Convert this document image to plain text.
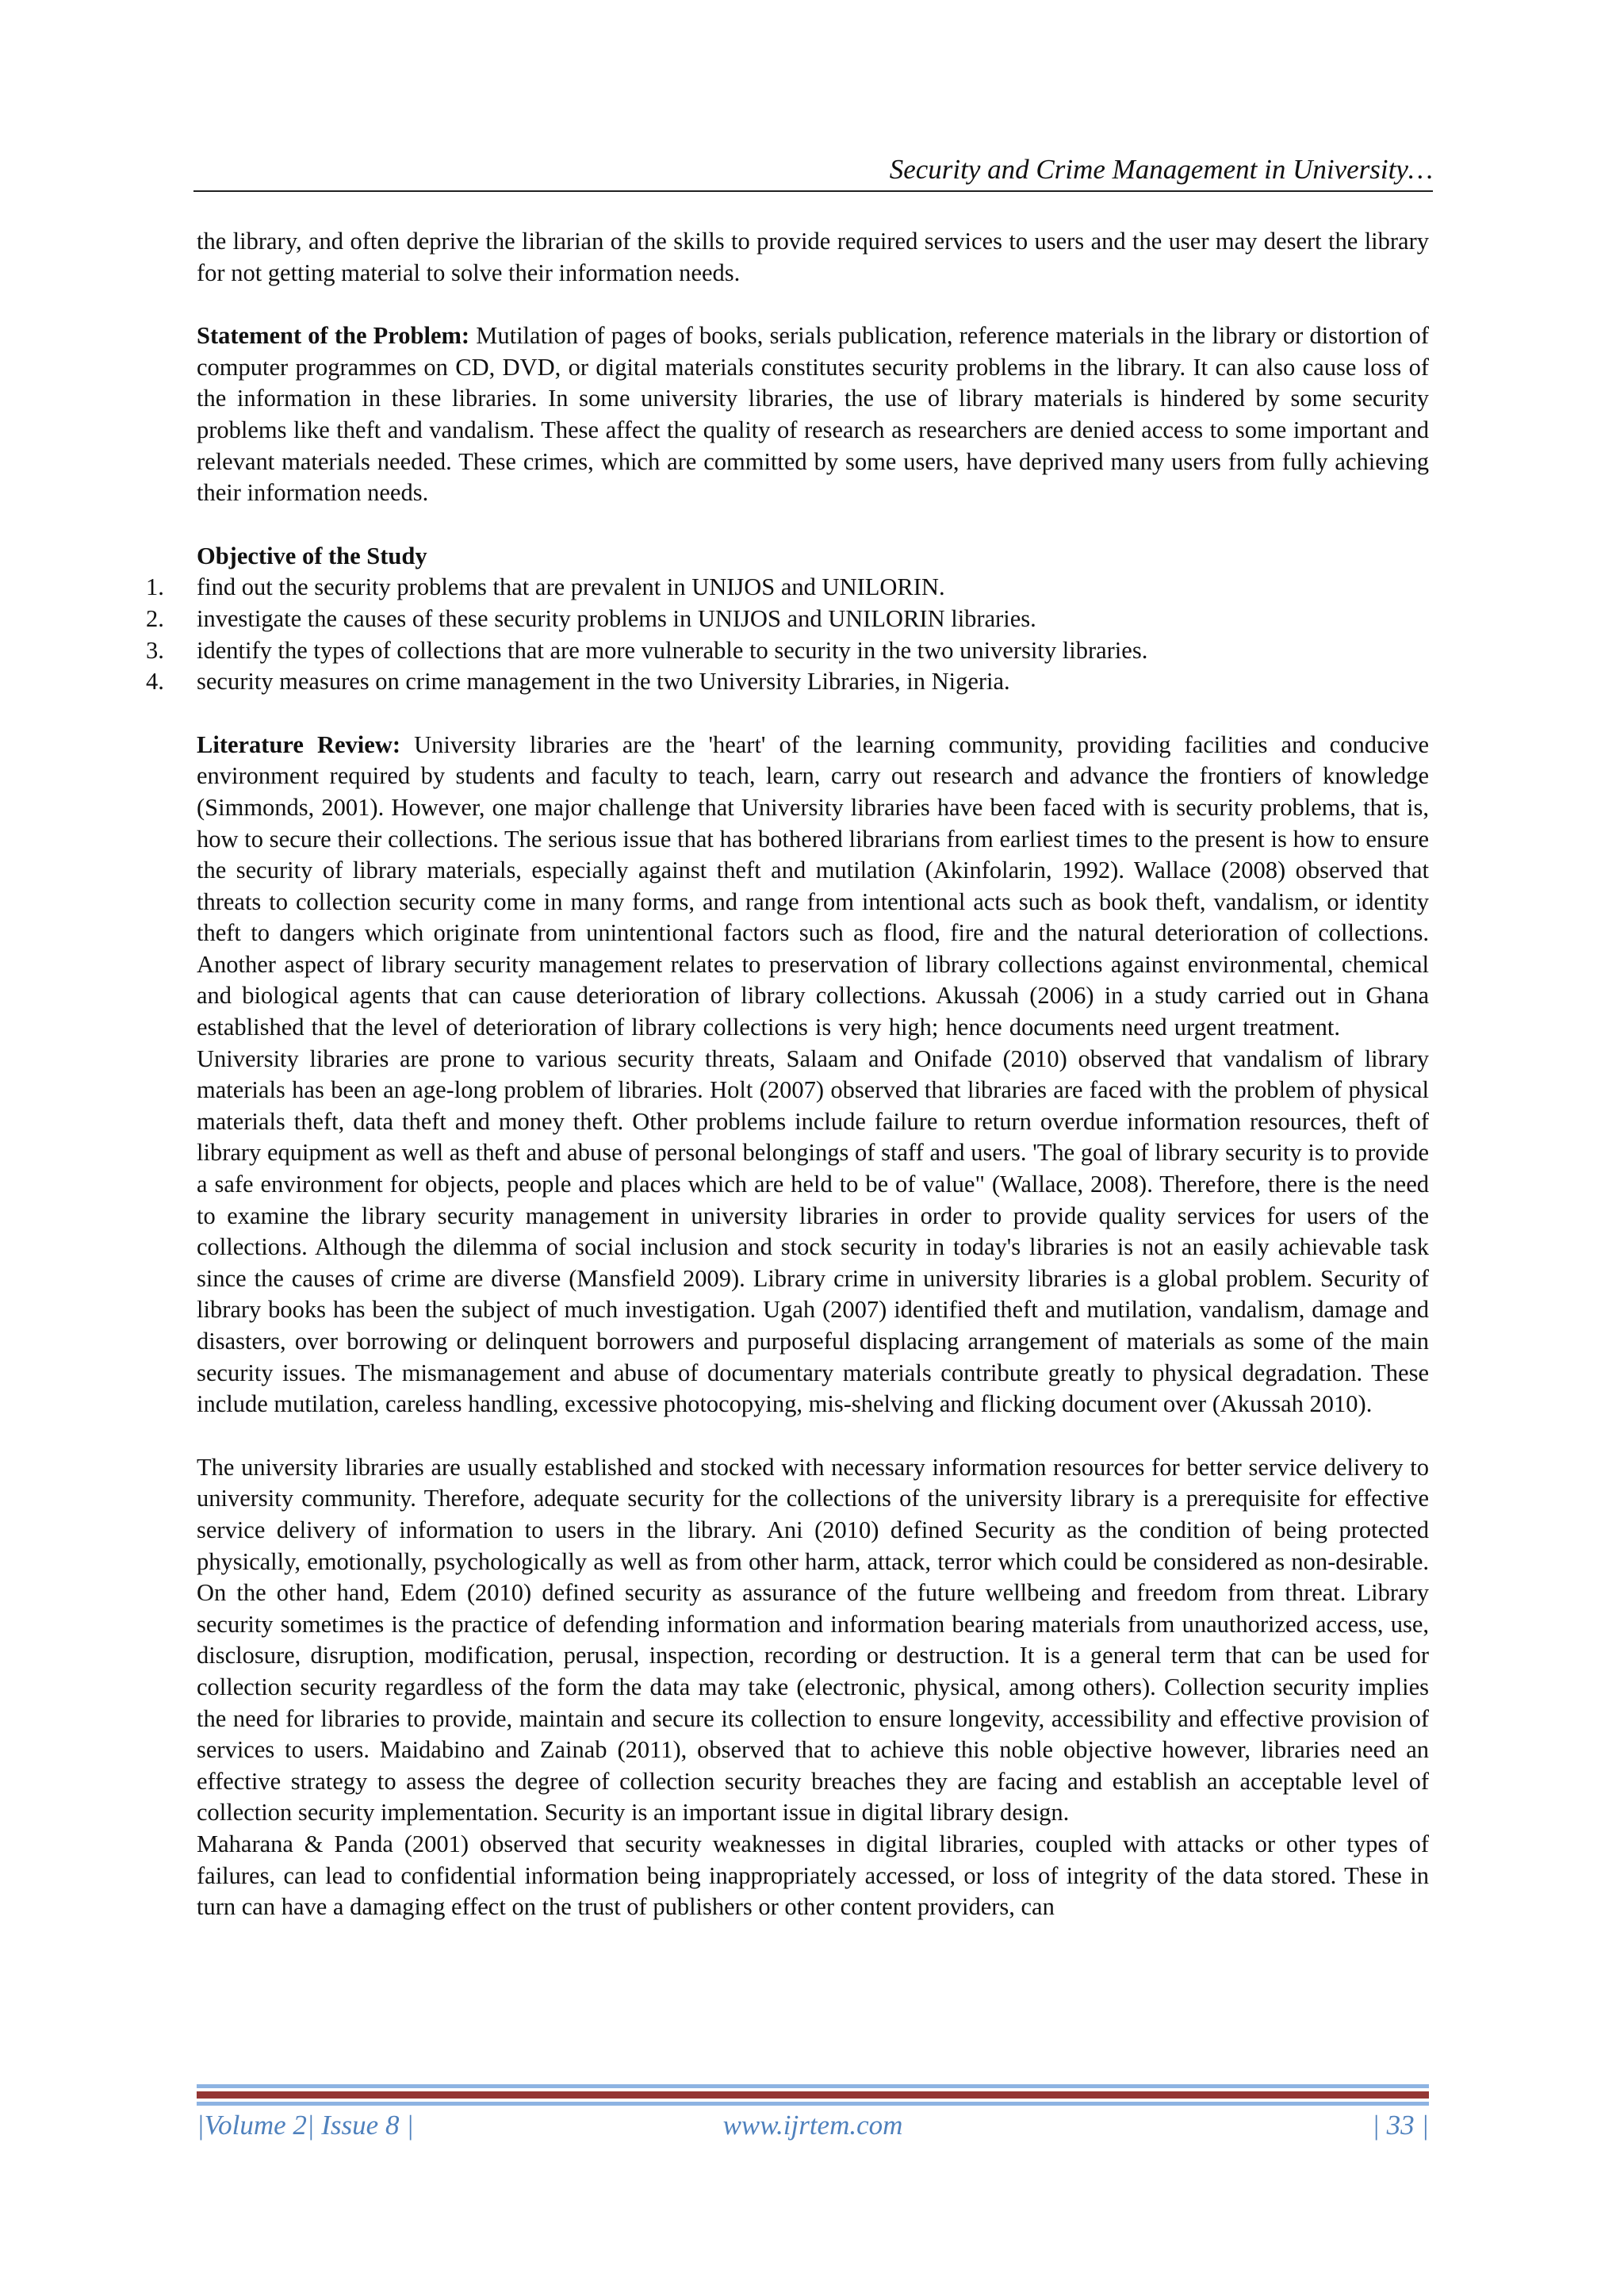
Security and Crime Management in University…

the library, and often deprive the librarian of the skills to provide required services to users and the user may desert the library for not getting material to solve their information needs.

Statement of the Problem: Mutilation of pages of books, serials publication, reference materials in the library or distortion of computer programmes on CD, DVD, or digital materials constitutes security problems in the library. It can also cause loss of the information in these libraries. In some university libraries, the use of library materials is hindered by some security problems like theft and vandalism. These affect the quality of research as researchers are denied access to some important and relevant materials needed. These crimes, which are committed by some users, have deprived many users from fully achieving their information needs.

Objective of the Study

1. find out the security problems that are prevalent in UNIJOS and UNILORIN.
2. investigate the causes of these security problems in UNIJOS and UNILORIN libraries.
3. identify the types of collections that are more vulnerable to security in the two university libraries.
4. security measures on crime management in the two University Libraries, in Nigeria.

Literature Review: University libraries are the 'heart' of the learning community, providing facilities and conducive environment required by students and faculty to teach, learn, carry out research and advance the frontiers of knowledge (Simmonds, 2001). However, one major challenge that University libraries have been faced with is security problems, that is, how to secure their collections. The serious issue that has bothered librarians from earliest times to the present is how to ensure the security of library materials, especially against theft and mutilation (Akinfolarin, 1992). Wallace (2008) observed that threats to collection security come in many forms, and range from intentional acts such as book theft, vandalism, or identity theft to dangers which originate from unintentional factors such as flood, fire and the natural deterioration of collections. Another aspect of library security management relates to preservation of library collections against environmental, chemical and biological agents that can cause deterioration of library collections. Akussah (2006) in a study carried out in Ghana established that the level of deterioration of library collections is very high; hence documents need urgent treatment.University libraries are prone to various security threats, Salaam and Onifade (2010) observed that vandalism of library materials has been an age-long problem of libraries. Holt (2007) observed that libraries are faced with the problem of physical materials theft, data theft and money theft. Other problems include failure to return overdue information resources, theft of library equipment as well as theft and abuse of personal belongings of staff and users. 'The goal of library security is to provide a safe environment for objects, people and places which are held to be of value" (Wallace, 2008). Therefore, there is the need to examine the library security management in university libraries in order to provide quality services for users of the collections. Although the dilemma of social inclusion and stock security in today's libraries is not an easily achievable task since the causes of crime are diverse (Mansfield 2009). Library crime in university libraries is a global problem. Security of library books has been the subject of much investigation. Ugah (2007) identified theft and mutilation, vandalism, damage and disasters, over borrowing or delinquent borrowers and purposeful displacing arrangement of materials as some of the main security issues. The mismanagement and abuse of documentary materials contribute greatly to physical degradation. These include mutilation, careless handling, excessive photocopying, mis-shelving and flicking document over (Akussah 2010).

The university libraries are usually established and stocked with necessary information resources for better service delivery to university community. Therefore, adequate security for the collections of the university library is a prerequisite for effective service delivery of information to users in the library. Ani (2010) defined Security as the condition of being protected physically, emotionally, psychologically as well as from other harm, attack, terror which could be considered as non-desirable. On the other hand, Edem (2010) defined security as assurance of the future wellbeing and freedom from threat. Library security sometimes is the practice of defending information and information bearing materials from unauthorized access, use, disclosure, disruption, modification, perusal, inspection, recording or destruction. It is a general term that can be used for collection security regardless of the form the data may take (electronic, physical, among others). Collection security implies the need for libraries to provide, maintain and secure its collection to ensure longevity, accessibility and effective provision of services to users. Maidabino and Zainab (2011), observed that to achieve this noble objective however, libraries need an effective strategy to assess the degree of collection security breaches they are facing and establish an acceptable level of collection security implementation. Security is an important issue in digital library design.

Maharana & Panda (2001) observed that security weaknesses in digital libraries, coupled with attacks or other types of failures, can lead to confidential information being inappropriately accessed, or loss of integrity of the data stored. These in turn can have a damaging effect on the trust of publishers or other content providers, can

|Volume 2| Issue 8 |	www.ijrtem.com	| 33 |
